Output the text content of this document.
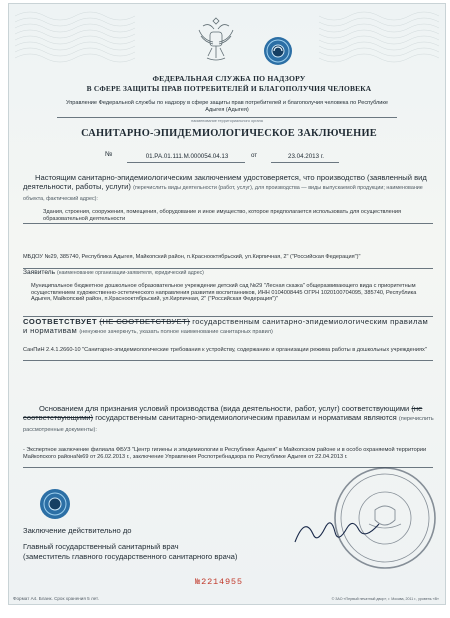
ФЕДЕРАЛЬНАЯ СЛУЖБА ПО НАДЗОРУ
В СФЕРЕ ЗАЩИТЫ ПРАВ ПОТРЕБИТЕЛЕЙ И БЛАГОПОЛУЧИЯ ЧЕЛОВЕКА
Управление Федеральной службы по надзору в сфере защиты прав потребителей и благополучия человека по Республике Адыгея (Адыгея)
наименование территориального органа
САНИТАРНО-ЭПИДЕМИОЛОГИЧЕСКОЕ ЗАКЛЮЧЕНИЕ
№	01.РА.01.111.М.000054.04.13	от	23.04.2013 г.
Настоящим санитарно-эпидемиологическим заключением удостоверяется, что производство (заявленный вид деятельности, работы, услуги) (перечислить виды деятельности (работ, услуг), для производства — виды выпускаемой продукции; наименование объекта, фактический адрес):
Здания, строения, сооружения, помещения, оборудование и иное имущество, которое предполагается использовать для осуществления образовательной деятельности
МБДОУ №29, 385740, Республика Адыгея, Майкопский район, п.Краснооктябрьский, ул.Кирпичная, 2" ("Российская Федерация")"
Заявитель (наименование организации-заявителя, юридический адрес)
Муниципальное бюджетное дошкольное образовательное учреждение детский сад №29 "Лесная сказка" общеразвивающего вида с приоритетным осуществлением художественно-эстетического направления развития воспитанников, ИНН 0104008445 ОГРН 1020100704095, 385740, Республика Адыгея, Майкопский район, п.Краснооктябрьский, ул.Кирпичная, 2" ("Российская Федерация")"
СООТВЕТСТВУЕТ (НЕ СООТВЕТСТВУЕТ) государственным санитарно-эпидемиологическим правилам и нормативам (ненужное зачеркнуть, указать полное наименование санитарных правил)
СанПиН 2.4.1.2660-10 "Санитарно-эпидемиологические требования к устройству, содержанию и организации режима работы в дошкольных учреждениях"
Основанием для признания условий производства (вида деятельности, работ, услуг) соответствующими (не соответствующими) государственным санитарно-эпидемиологическим правилам и нормативам являются (перечислить рассмотренные документы):
- Экспертное заключение филиала ФБУЗ "Центр гигиены и эпидемиологии в Республике Адыгея" в Майкопском районе и в особо охраняемой территории Майкопского района№69 от 26.02.2013 г., заключение Управления Роспотребнадзора по Республике Адыгея от 22.04.2013 г.
Заключение действительно до
Главный государственный санитарный врач
(заместитель главного государственного санитарного врача)
№2214955
Формат А4. Бланк. Срок хранения 5 лет.	© ЗАО «Первый печатный двор», г. Москва, 2011 г., уровень «В»
